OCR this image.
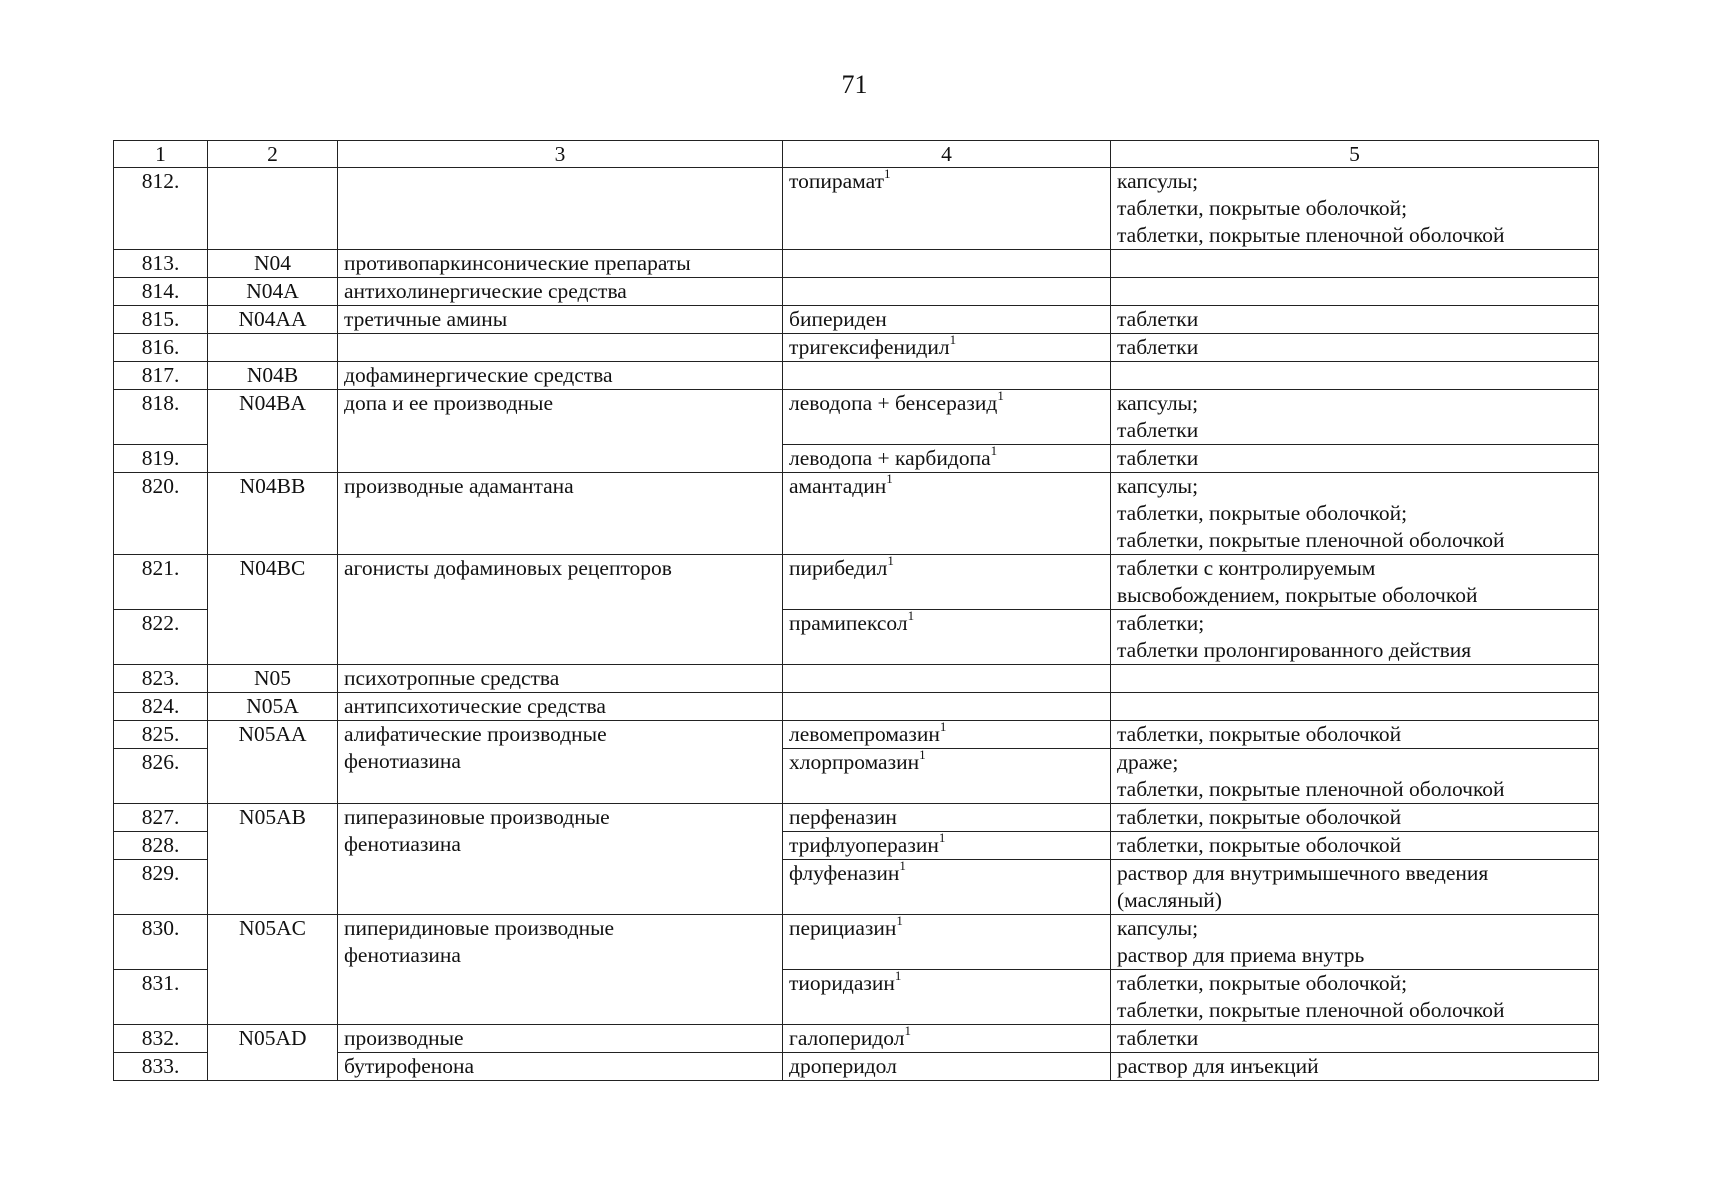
71
1	2	3	4	5
812.			топирамат$^1$	капсулы;
таблетки, покрытые оболочкой;
таблетки, покрытые пленочной оболочкой
813.	N04	противопаркинсонические препараты		
814.	N04A	антихолинергические средства		
815.	N04AA	третичные амины	бипериден	таблетки
816.			тригексифенидил$^1$	таблетки
817.	N04B	дофаминергические средства		
818.	N04BA	допа и ее производные	леводопа + бенсеразид$^1$	капсулы;
таблетки
819.			леводопа + карбидопа$^1$	таблетки
820.	N04BB	производные адамантана	амантадин$^1$	капсулы;
таблетки, покрытые оболочкой;
таблетки, покрытые пленочной оболочкой
821.	N04BC	агонисты дофаминовых рецепторов	пирибедил$^1$	таблетки с контролируемым
высвобождением, покрытые оболочкой
822.			прамипексол$^1$	таблетки;
таблетки пролонгированного действия
823.	N05	психотропные средства		
824.	N05A	антипсихотические средства		
825.	N05AA	алифатические производные
фенотиазина	левомепромазин$^1$	таблетки, покрытые оболочкой
826.			хлорпромазин$^1$	драже;
таблетки, покрытые пленочной оболочкой
827.	N05AB	пиперазиновые производные
фенотиазина	перфеназин	таблетки, покрытые оболочкой
828.			трифлуоперазин$^1$	таблетки, покрытые оболочкой
829.			флуфеназин$^1$	раствор для внутримышечного введения
(масляный)
830.	N05AC	пиперидиновые производные
фенотиазина	перициазин$^1$	капсулы;
раствор для приема внутрь
831.			тиоридазин$^1$	таблетки, покрытые оболочкой;
таблетки, покрытые пленочной оболочкой
832.	N05AD	производные	галоперидол$^1$	таблетки
833.		бутирофенона	дроперидол	раствор для инъекций
